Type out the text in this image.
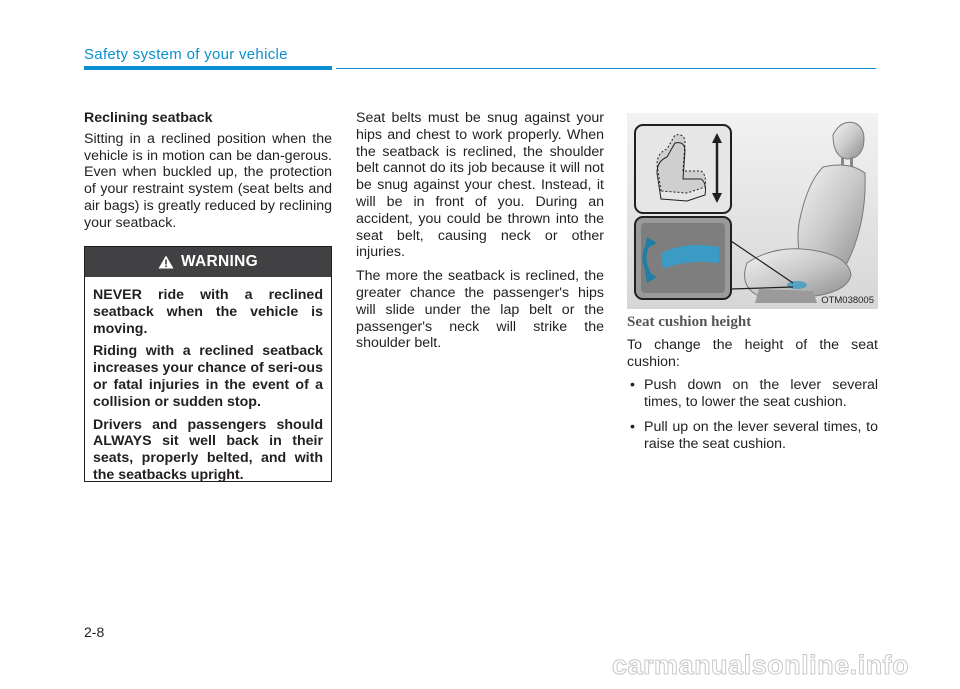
Safety system of your vehicle
Reclining seatback

Sitting in a reclined position when the vehicle is in motion can be dan-gerous. Even when buckled up, the protection of your restraint system (seat belts and air bags) is greatly reduced by reclining your seatback.

WARNING

NEVER ride with a reclined seatback when the vehicle is moving.

Riding with a reclined seatback increases your chance of seri-ous or fatal injuries in the event of a collision or sudden stop.

Drivers and passengers should ALWAYS sit well back in their seats, properly belted, and with the seatbacks upright.

Seat belts must be snug against your hips and chest to work properly. When the seatback is reclined, the shoulder belt cannot do its job because it will not be snug against your chest. Instead, it will be in front of you. During an accident, you could be thrown into the seat belt, causing neck or other injuries.

The more the seatback is reclined, the greater chance the passenger's hips will slide under the lap belt or the passenger's neck will strike the shoulder belt.

OTM038005
Seat cushion height

To change the height of the seat cushion:

• Push down on the lever several times, to lower the seat cushion.
• Pull up on the lever several times, to raise the seat cushion.
2-8
carmanualsonline.info
